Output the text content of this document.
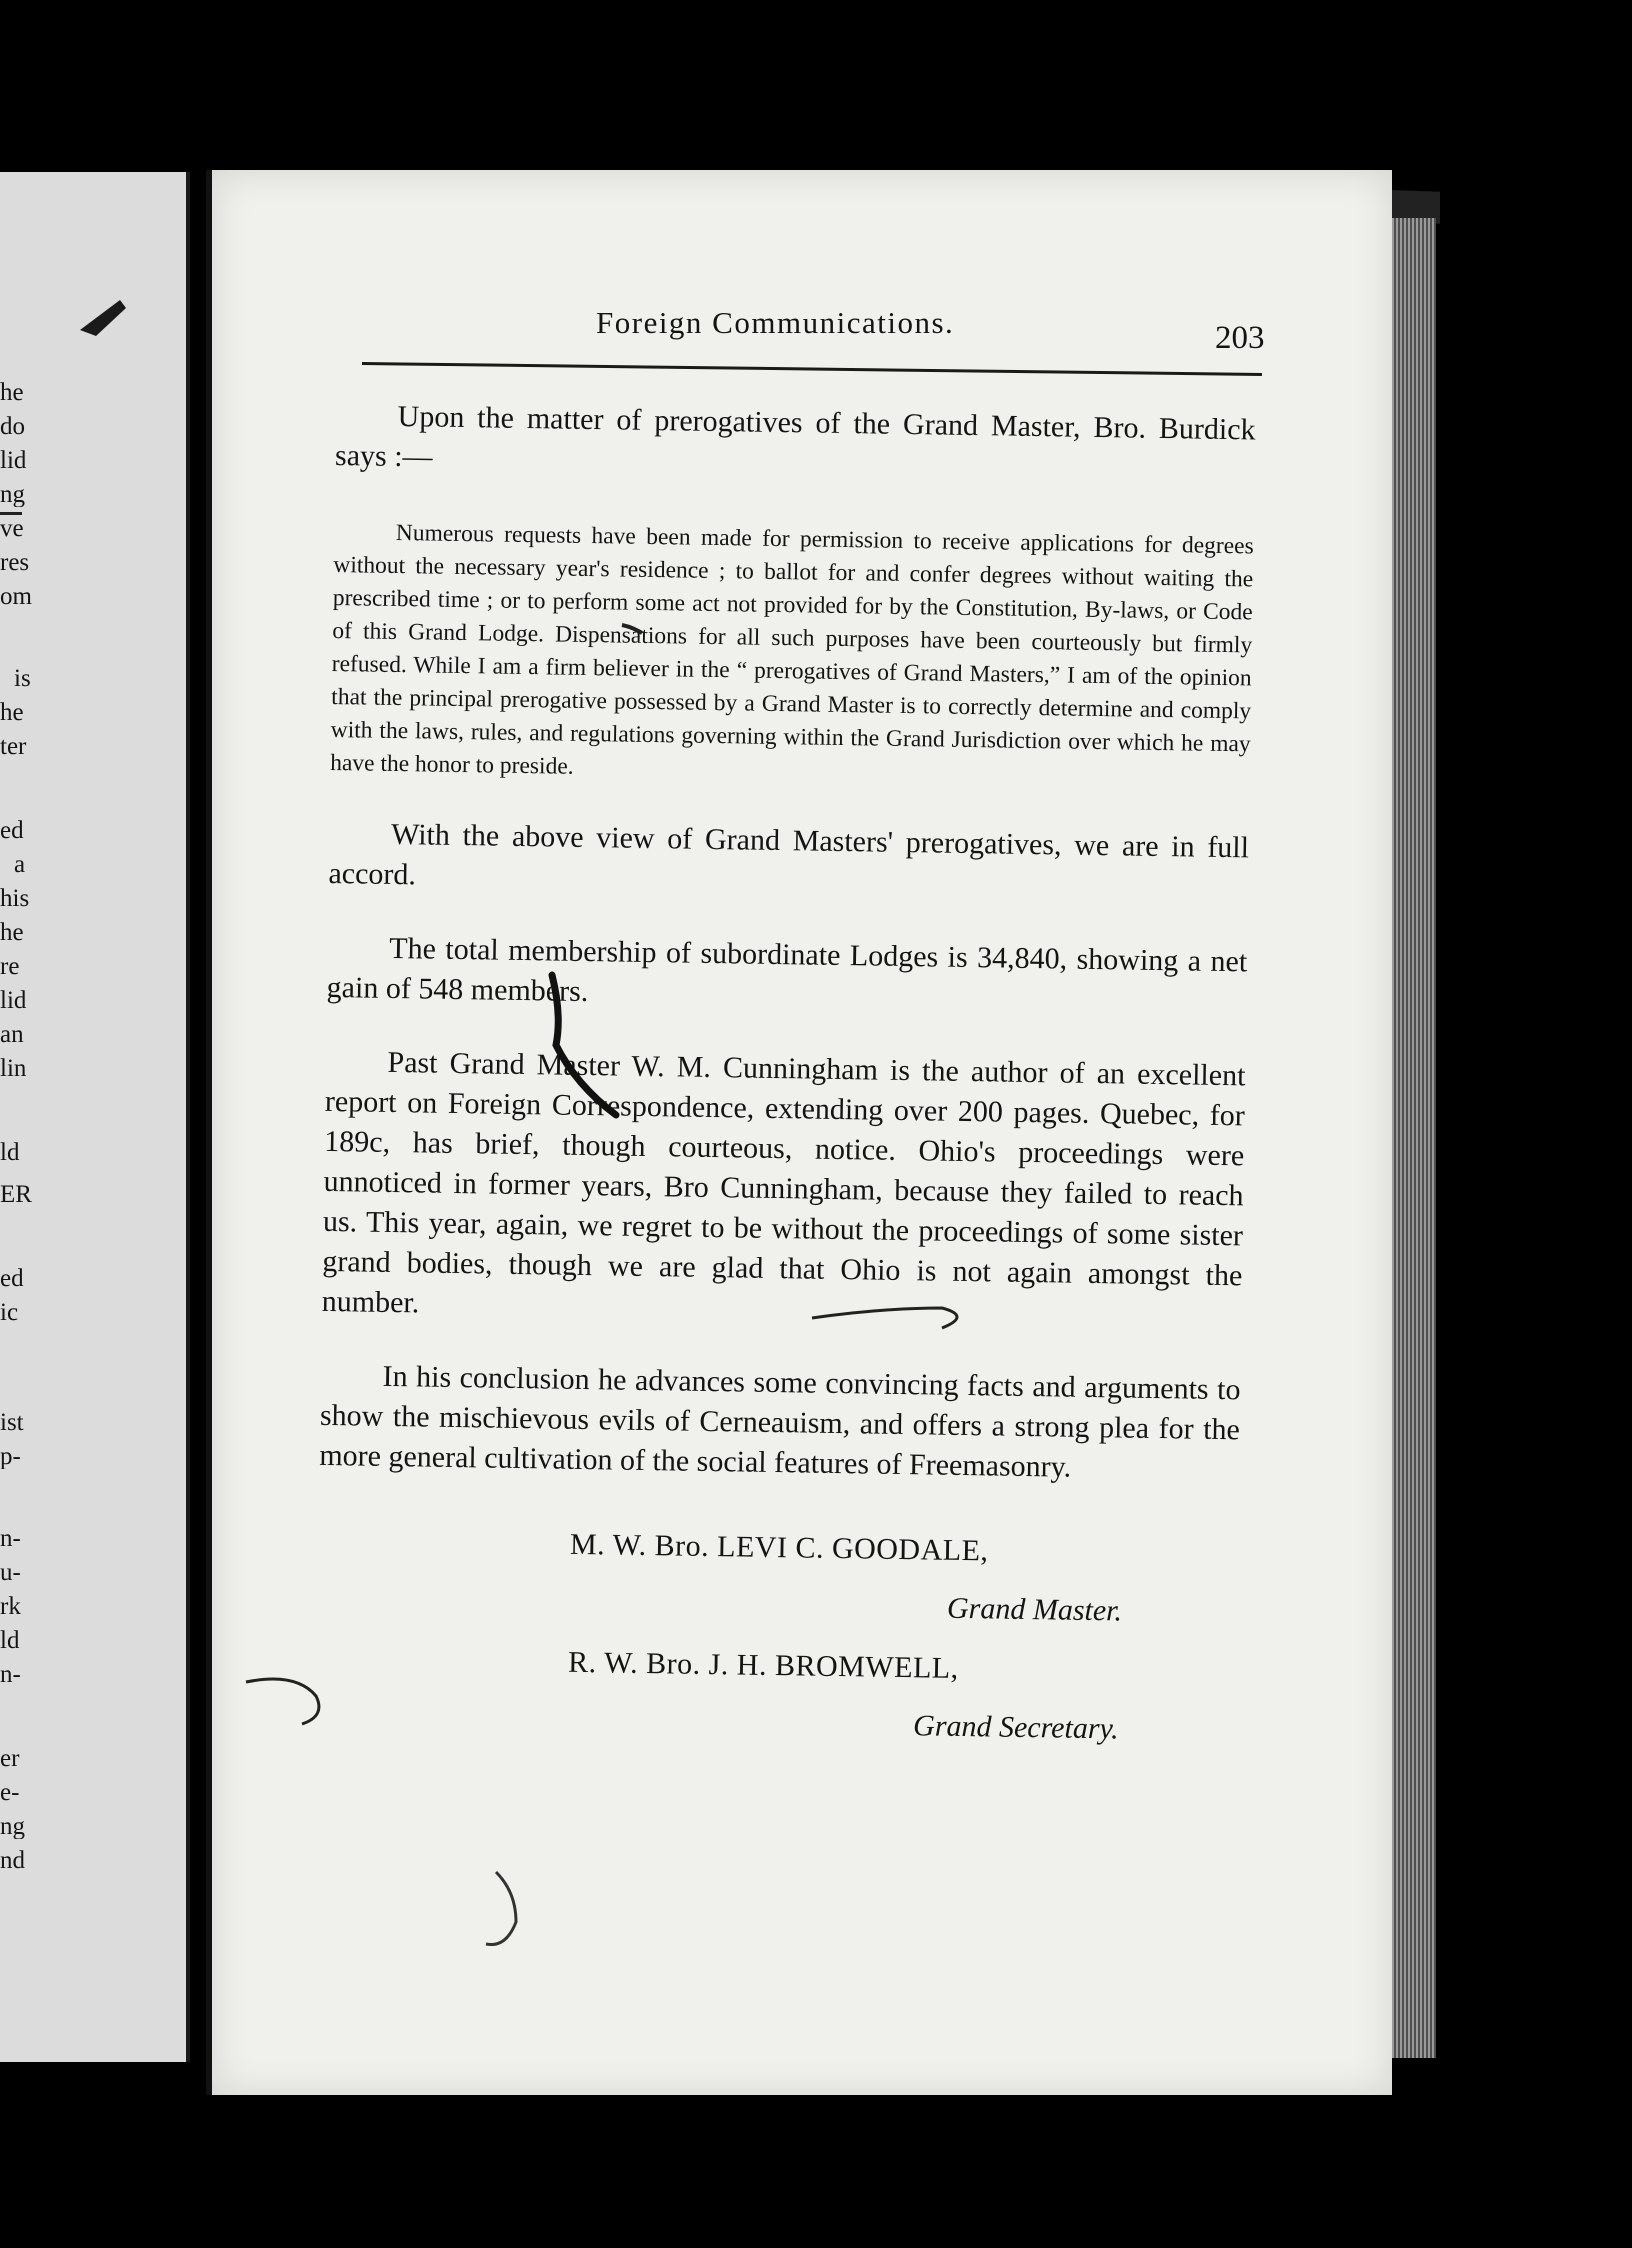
he
do
lid
ng
ve
res
om
is
he
ter
ed
a
his
he
re
lid
an
lin
ld
ER
ed
ic
ist
p-
n-
u-
rk
ld
n-
er
e-
ng
nd
Foreign Communications.	203

Upon the matter of prerogatives of the Grand Master, Bro. Burdick says :—

Numerous requests have been made for permission to receive applications for degrees without the necessary year's residence ; to ballot for and confer degrees without waiting the prescribed time ; or to perform some act not provided for by the Constitution, By-laws, or Code of this Grand Lodge. Dispensations for all such purposes have been courteously but firmly refused. While I am a firm believer in the “ prerogatives of Grand Masters,” I am of the opinion that the principal prerogative possessed by a Grand Master is to correctly determine and comply with the laws, rules, and regulations governing within the Grand Jurisdiction over which he may have the honor to preside.

With the above view of Grand Masters' prerogatives, we are in full accord.

The total membership of subordinate Lodges is 34,840, showing a net gain of 548 members.

Past Grand Master W. M. Cunningham is the author of an excellent report on Foreign Correspondence, extending over 200 pages. Quebec, for 189c, has brief, though courteous, notice. Ohio's proceedings were unnoticed in former years, Bro Cunningham, because they failed to reach us. This year, again, we regret to be without the proceedings of some sister grand bodies, though we are glad that Ohio is not again amongst the number.

In his conclusion he advances some convincing facts and arguments to show the mischievous evils of Cerneauism, and offers a strong plea for the more general cultivation of the social features of Freemasonry.

M. W. Bro. LEVI C. GOODALE,
Grand Master.
R. W. Bro. J. H. BROMWELL,
Grand Secretary.
